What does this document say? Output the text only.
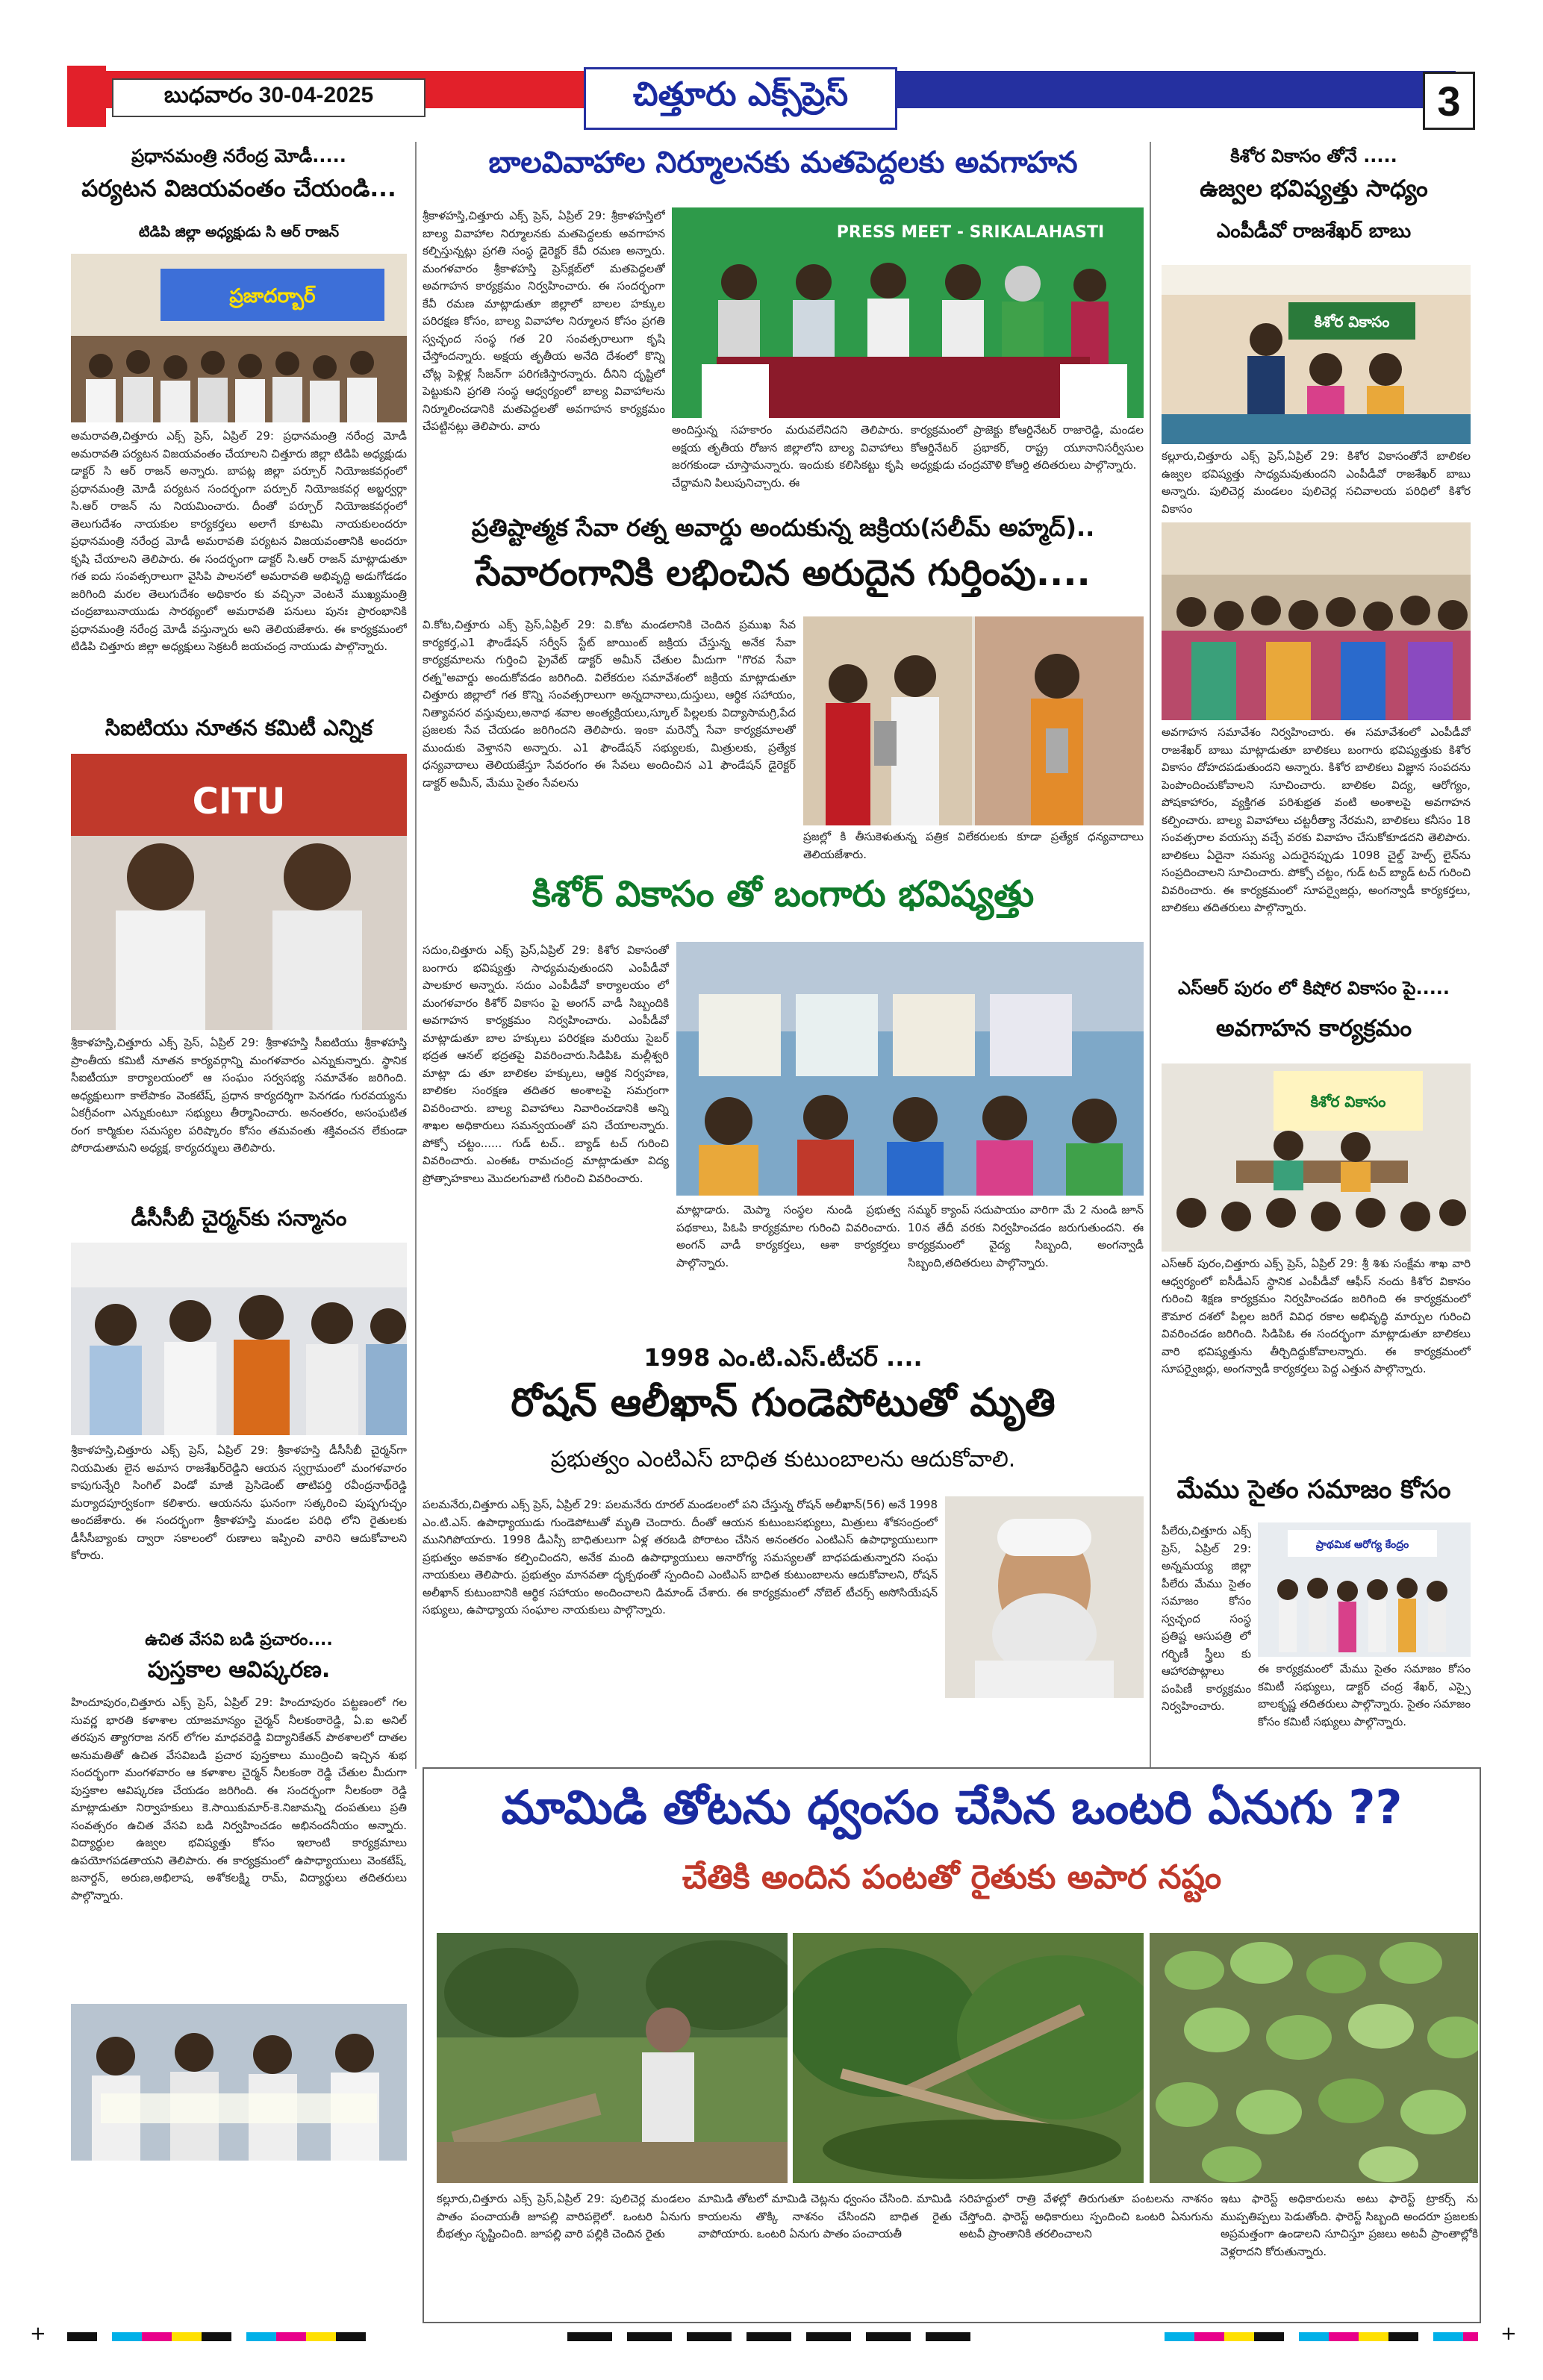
బుధవారం 30-04-2025	చిత్తూరు ఎక్స్‌ప్రెస్	3
ప్రధానమంత్రి నరేంద్ర మోడీ.....
పర్యటన విజయవంతం చేయండి...
టిడిపి జిల్లా అధ్యక్షుడు సి ఆర్ రాజన్
ప్రజాదర్బార్
అమరావతి,చిత్తూరు ఎక్స్ ప్రెస్, ఏప్రిల్ 29: ప్రధానమంత్రి నరేంద్ర మోడీ అమరావతి పర్యటన విజయవంతం చేయాలని చిత్తూరు జిల్లా టిడిపి అధ్యక్షుడు డాక్టర్ సి ఆర్ రాజన్ అన్నారు. బాపట్ల జిల్లా పర్చూర్ నియోజకవర్గంలో ప్రధానమంత్రి మోడీ పర్యటన సందర్భంగా పర్చూర్ నియోజకవర్గ అబ్జర్వర్గా సి.ఆర్ రాజన్ ను నియమించారు. దీంతో పర్చూర్ నియోజకవర్గంలో తెలుగుదేశం నాయకుల కార్యకర్తలు అలాగే కూటమి నాయకులందరూ ప్రధానమంత్రి నరేంద్ర మోడీ అమరావతి పర్యటన విజయవంతానికి అందరూ కృషి చేయాలని తెలిపారు. ఈ సందర్భంగా డాక్టర్ సి.ఆర్ రాజన్ మాట్లాడుతూ గత ఐదు సంవత్సరాలుగా వైసిపి పాలనలో అమరావతి అభివృద్ధి అడుగోడడం జరిగింది మరల తెలుగుదేశం అధికారం కు వచ్చినా వెంటనే ముఖ్యమంత్రి చంద్రబాబునాయుడు సారథ్యంలో అమరావతి పనులు పునః ప్రారంభానికి ప్రధానమంత్రి నరేంద్ర మోడీ వస్తున్నారు అని తెలియజేశారు. ఈ కార్యక్రమంలో టిడిపి చిత్తూరు జిల్లా అధ్యక్షులు సెక్రటరీ జయచంద్ర నాయుడు పాల్గొన్నారు.
సిఐటియు నూతన కమిటీ ఎన్నిక
CITU
శ్రీకాళహస్తి,చిత్తూరు ఎక్స్ ప్రెస్, ఏప్రిల్ 29: శ్రీకాళహస్తి సీఐటియు శ్రీకాళహస్తి ప్రాంతీయ కమిటీ నూతన కార్యవర్గాన్ని మంగళవారం ఎన్నుకున్నారు. స్థానిక సీఐటీయూ కార్యాలయంలో ఆ సంఘం సర్వసభ్య సమావేశం జరిగింది. అధ్యక్షులుగా కాలేపాకం వెంకటేష్, ప్రధాన కార్యదర్శిగా పెనగడం గురవయ్యను ఏకగ్రీవంగా ఎన్నుకుంటూ సభ్యులు తీర్మానించారు. అనంతరం, అసంఘటిత రంగ కార్మికుల సమస్యల పరిష్కారం కోసం తమవంతు శక్తివంచన లేకుండా పోరాడుతామని అధ్యక్ష, కార్యదర్శులు తెలిపారు.
డీసీసీబీ చైర్మన్‌కు సన్మానం
శ్రీకాళహస్తి,చిత్తూరు ఎక్స్ ప్రెస్, ఏప్రిల్ 29: శ్రీకాళహస్తి డీసీసీబీ చైర్మన్‌గా నియమితు లైన అమాస రాజశేఖర్‌రెడ్డిని ఆయన స్వగ్రామంలో మంగళవారం కాపుగున్నేరి సింగిల్ విండో మాజీ ప్రెసిడెంట్ తాటిపర్తి రవీంద్రనాథ్‌రెడ్డి మర్యాదపూర్వకంగా కలిశారు. ఆయనను ఘనంగా సత్కరించి పుష్పగుచ్ఛం అందజేశారు. ఈ సందర్భంగా శ్రీకాళహస్తి మండల పరిధి లోని రైతులకు డీసీసీబ్యాంకు ద్వారా సకాలంలో రుణాలు ఇప్పించి వారిని ఆదుకోవాలని కోరారు.
ఉచిత వేసవి బడి ప్రచారం....
పుస్తకాల ఆవిష్కరణ.
హిందూపురం,చిత్తూరు ఎక్స్ ప్రెస్, ఏప్రిల్ 29: హిందూపురం పట్టణంలో గల సువర్ణ భారతి కళాశాల యాజమాన్యం చైర్మన్ నీలకంఠారెడ్డి, ఏ.ఐ అనిల్ తరపున త్యాగరాజ నగర్ లోగల మాధవరెడ్డి విద్యానికేతన్ పాఠశాలలో దాతల అనుమతితో ఉచిత వేసవిబడి ప్రచార పుస్తకాలు ముంద్రించి ఇచ్చిన శుభ సందర్భంగా మంగళవారం ఆ కళాశాల చైర్మన్ నీలకంఠా రెడ్డి చేతుల మీదుగా పుస్తకాల ఆవిష్కరణ చేయడం జరిగింది. ఈ సందర్భంగా నీలకంఠా రెడ్డి మాట్లాడుతూ నిర్వాహకులు కె.సాయికుమార్-కె.నిజామన్ని దంపతులు ప్రతి సంవత్సరం ఉచిత వేసవి బడి నిర్వహించడం అభినందనీయం అన్నారు. విద్యార్థుల ఉజ్వల భవిష్యత్తు కోసం ఇలాంటి కార్యక్రమాలు ఉపయోగపడతాయని తెలిపారు. ఈ కార్యక్రమంలో ఉపాధ్యాయులు వెంకటేష్, జనార్దన్, అరుణ,అభిలాష, అశోకలక్ష్మి రామ్, విద్యార్థులు తదితరులు పాల్గొన్నారు.
బాలవివాహాల నిర్మూలనకు మతపెద్దలకు అవగాహన
శ్రీకాళహస్తి,చిత్తూరు ఎక్స్ ప్రెస్, ఏప్రిల్ 29: శ్రీకాళహస్తిలో బాల్య వివాహాల నిర్మూలనకు మతపెద్దలకు అవగాహన కల్పిస్తున్నట్లు ప్రగతి సంస్థ డైరెక్టర్ కేవీ రమణ అన్నారు. మంగళవారం శ్రీకాళహస్తి ప్రెస్‌క్లబ్‌లో మతపెద్దలతో అవగాహన కార్యక్రమం నిర్వహించారు. ఈ సందర్భంగా కేవీ రమణ మాట్లాడుతూ జిల్లాలో బాలల హక్కుల పరిరక్షణ కోసం, బాల్య వివాహాల నిర్మూలన కోసం ప్రగతి స్వచ్ఛంద సంస్థ గత 20 సంవత్సరాలుగా కృషి చేస్తోందన్నారు. అక్షయ తృతీయ అనేది దేశంలో కొన్ని చోట్ల పెళ్లిళ్ల సీజన్‌గా పరిగణిస్తారన్నారు. దీనిని దృష్టిలో పెట్టుకుని ప్రగతి సంస్థ ఆధ్వర్యంలో బాల్య వివాహాలను నిర్మూలించడానికి మతపెద్దలతో అవగాహన కార్యక్రమం చేపట్టినట్లు తెలిపారు. వారు
PRESS MEET - SRIKALAHASTI
అందిస్తున్న సహకారం మరువలేనిదని తెలిపారు. అక్షయ తృతీయ రోజున జిల్లాలోని బాల్య వివాహాలు జరగకుండా చూస్తామన్నారు. ఇందుకు కలిసికట్టు కృషి చేద్దామని పిలుపునిచ్చారు. ఈ
కార్యక్రమంలో ప్రాజెక్టు కోఆర్డినేటర్ రాజారెడ్డి, మండల కోఆర్డినేటర్ ప్రభాకర్, రాష్ట్ర యూనానిసర్వీసుల అధ్యక్షుడు చంద్రమౌళి కోఆర్డి తదితరులు పాల్గొన్నారు.
ప్రతిష్టాత్మక సేవా రత్న అవార్డు అందుకున్న జక్రియ(సలీమ్ అహ్మద్)..
సేవారంగానికి లభించిన అరుదైన గుర్తింపు....
వి.కోట,చిత్తూరు ఎక్స్ ప్రెస్,ఏప్రిల్ 29: వి.కోట మండలానికి చెందిన ప్రముఖ సేవ కార్యకర్త,ఎ1 ఫౌండేషన్ సర్వీస్ స్టేట్ జాయింట్ జక్రియ చేస్తున్న అనేక సేవా కార్యక్రమాలను గుర్తించి ప్రైవేట్ డాక్టర్ అమీన్ చేతుల మీదుగా "గొరవ సేవా రత్న"అవార్డు అందుకోవడం జరిగింది. విలేకరుల సమావేశంలో జక్రియ మాట్లాడుతూ చిత్తూరు జిల్లాలో గత కొన్ని సంవత్సరాలుగా అన్నదానాలు,దుస్తులు, ఆర్థిక సహాయం, నిత్యావసర వస్తువులు,అనాథ శవాల అంత్యక్రియలు,స్కూల్ పిల్లలకు విద్యాసామగ్రి,పేద ప్రజలకు సేవ చేయడం జరిగిందని తెలిపారు. ఇంకా మరెన్నో సేవా కార్యక్రమాలతో ముందుకు వెళ్తానని అన్నారు. ఎ1 ఫౌండేషన్ సభ్యులకు, మిత్రులకు, ప్రత్యేక ధన్యవాదాలు తెలియజేస్తూ సేవరంగం ఈ సేవలు అందించిన ఎ1 ఫౌండేషన్ డైరెక్టర్ డాక్టర్ అమీన్, మేము సైతం సేవలను
ప్రజల్లో కి తీసుకెళుతున్న పత్రిక విలేకరులకు కూడా ప్రత్యేక ధన్యవాదాలు తెలియజేశారు.
కిశోర్ వికాసం తో బంగారు భవిష్యత్తు
సదుం,చిత్తూరు ఎక్స్ ప్రెస్,ఏప్రిల్ 29: కిశోర వికాసంతో బంగారు భవిష్యత్తు సాధ్యమవుతుందని ఎంపీడీవో పాలకూర అన్నారు. సదుం ఎంపీడీవో కార్యాలయం లో మంగళవారం కిశోర్ వికాసం పై అంగన్ వాడీ సిబ్బందికి అవగాహన కార్యక్రమం నిర్వహించారు. ఎంపీడీవో మాట్లాడుతూ బాల హక్కులు పరిరక్షణ మరియు సైబర్ భద్రత ఆనల్ భద్రతపై వివరించారు.సిడిపిఓ మల్లీశ్వరి మాట్లా డు తూ బాలికల హక్కులు, ఆర్థిక నిర్వహణ, బాలికల సంరక్షణ తదితర అంశాలపై సమగ్రంగా వివరించారు. బాల్య వివాహాలు నివారించడానికి అన్ని శాఖల అధికారులు సమన్వయంతో పని చేయాలన్నారు. పోక్సో చట్టం...... గుడ్ టచ్.. బ్యాడ్ టచ్ గురించి వివరించారు. ఎంఈఓ రామచంద్ర మాట్లాడుతూ విద్య ప్రోత్సాహకాలు మొదలగువాటి గురించి వివరించారు.
మాట్లాడారు. మెప్మా సంస్థల నుండి ప్రభుత్వ పథకాలు, పిఓపి కార్యక్రమాల గురించి వివరించారు. అంగన్ వాడీ కార్యకర్తలు, ఆశా కార్యకర్తలు పాల్గొన్నారు.
సమ్మర్ క్యాంప్ సదుపాయం వారిగా మే 2 నుండి జూన్ 10న తేదీ వరకు నిర్వహించడం జరుగుతుందని. ఈ కార్యక్రమంలో వైద్య సిబ్బంది, అంగన్వాడీ సిబ్బంది,తదితరులు పాల్గొన్నారు.
1998 ఎం.టి.ఎస్.టీచర్ ....
రోషన్ ఆలీఖాన్ గుండెపోటుతో మృతి
ప్రభుత్వం ఎంటిఎస్ బాధిత కుటుంబాలను ఆదుకోవాలి.
పలమనేరు,చిత్తూరు ఎక్స్ ప్రెస్, ఏప్రిల్ 29: పలమనేరు రూరల్ మండలంలో పని చేస్తున్న రోషన్ అలీఖాన్(56) అనే 1998 ఎం.టి.ఎస్. ఉపాధ్యాయుడు గుండెపోటుతో మృతి చెందారు. దీంతో ఆయన కుటుంబసభ్యులు, మిత్రులు శోకసంద్రంలో మునిగిపోయారు. 1998 డీఎస్సీ బాధితులుగా ఏళ్ల తరబడి పోరాటం చేసిన అనంతరం ఎంటిఎస్ ఉపాధ్యాయులుగా ప్రభుత్వం అవకాశం కల్పించిందని, అనేక మంది ఉపాధ్యాయులు అనారోగ్య సమస్యలతో బాధపడుతున్నారని సంఘ నాయకులు తెలిపారు. ప్రభుత్వం మానవతా దృక్పథంతో స్పందించి ఎంటిఎస్ బాధిత కుటుంబాలను ఆదుకోవాలని, రోషన్ అలీఖాన్ కుటుంబానికి ఆర్థిక సహాయం అందించాలని డిమాండ్ చేశారు. ఈ కార్యక్రమంలో నోబెల్ టీచర్స్ అసోసియేషన్ సభ్యులు, ఉపాధ్యాయ సంఘాల నాయకులు పాల్గొన్నారు.
కిశోర వికాసం తోనే .....
ఉజ్వల భవిష్యత్తు సాధ్యం
ఎంపీడీవో రాజశేఖర్ బాబు
కిశోర వికాసం
కల్లూరు,చిత్తూరు ఎక్స్ ప్రెస్,ఏప్రిల్ 29: కిశోర వికాసంతోనే బాలికల ఉజ్వల భవిష్యత్తు సాధ్యమవుతుందని ఎంపీడీవో రాజశేఖర్ బాబు అన్నారు. పులిచెర్ల మండలం పులిచెర్ల సచివాలయ పరిధిలో కిశోర వికాసం
అవగాహన సమావేశం నిర్వహించారు. ఈ సమావేశంలో ఎంపీడీవో రాజశేఖర్ బాబు మాట్లాడుతూ బాలికలు బంగారు భవిష్యత్తుకు కిశోర వికాసం దోహదపడుతుందని అన్నారు. కిశోర బాలికలు విజ్ఞాన సంపదను పెంపొందించుకోవాలని సూచించారు. బాలికల విద్య, ఆరోగ్యం, పోషకాహారం, వ్యక్తిగత పరిశుభ్రత వంటి అంశాలపై అవగాహన కల్పించారు. బాల్య వివాహాలు చట్టరీత్యా నేరమని, బాలికలు కనీసం 18 సంవత్సరాల వయస్సు వచ్చే వరకు వివాహం చేసుకోకూడదని తెలిపారు. బాలికలు ఏదైనా సమస్య ఎదురైనప్పుడు 1098 చైల్డ్ హెల్ప్ లైన్‌ను సంప్రదించాలని సూచించారు. పోక్సో చట్టం, గుడ్ టచ్ బ్యాడ్ టచ్ గురించి వివరించారు. ఈ కార్యక్రమంలో సూపర్వైజర్లు, అంగన్వాడీ కార్యకర్తలు, బాలికలు తదితరులు పాల్గొన్నారు.
ఎస్ఆర్ పురం లో కిషోర వికాసం పై.....
అవగాహన కార్యక్రమం
కిశోర వికాసం
ఎస్ఆర్ పురం,చిత్తూరు ఎక్స్ ప్రెస్, ఏప్రిల్ 29: శ్రీ శిశు సంక్షేమ శాఖ వారి ఆధ్వర్యంలో ఐసీడీఎస్ స్థానిక ఎంపీడీవో ఆఫీస్ నందు కిశోర వికాసం గురించి శిక్షణ కార్యక్రమం నిర్వహించడం జరిగింది ఈ కార్యక్రమంలో కౌమార దశలో పిల్లల జరిగే వివిధ రకాల అభివృద్ధి మార్పుల గురించి వివరించడం జరిగింది. సిడిపిఓ ఈ సందర్భంగా మాట్లాడుతూ బాలికలు వారి భవిష్యత్తును తీర్చిదిద్దుకోవాలన్నారు. ఈ కార్యక్రమంలో సూపర్వైజర్లు, అంగన్వాడీ కార్యకర్తలు పెద్ద ఎత్తున పాల్గొన్నారు.
మేము సైతం సమాజం కోసం
పీలేరు,చిత్తూరు ఎక్స్ ప్రెస్, ఏప్రిల్ 29: అన్నమయ్య జిల్లా పీలేరు మేము సైతం సమాజం కోసం స్వచ్ఛంద సంస్థ ప్రతిష్ట ఆసుపత్రి లో గర్భిణీ స్త్రీలు కు ఆహారపొట్లాలు పంపిణీ కార్యక్రమం నిర్వహించారు.
ప్రాథమిక ఆరోగ్య కేంద్రం
ఈ కార్యక్రమంలో మేము సైతం సమాజం కోసం కమిటీ సభ్యులు, డాక్టర్ చంద్ర శేఖర్, ఎస్సై బాలకృష్ణ తదితరులు పాల్గొన్నారు. సైతం సమాజం కోసం కమిటీ సభ్యులు పాల్గొన్నారు.
మామిడి తోటను ధ్వంసం చేసిన ఒంటరి ఏనుగు ??
చేతికి అందిన పంటతో రైతుకు అపార నష్టం
కల్లూరు,చిత్తూరు ఎక్స్ ప్రెస్,ఏప్రిల్ 29: పులిచెర్ల మండలం పాతం పంచాయతీ జూపల్లి వారిపల్లెలో. ఒంటరి ఏనుగు బీభత్సం సృష్టించింది. జూపల్లి వారి పల్లికి చెందిన రైతు
మామిడి తోటలో మామిడి చెట్లను ధ్వంసం చేసింది. మామిడి కాయలను తొక్కి నాశనం చేసిందని బాధిత రైతు వాపోయారు. ఒంటరి ఏనుగు పాతం పంచాయతీ
సరిహద్దులో రాత్రి వేళల్లో తిరుగుతూ పంటలను నాశనం చేస్తోంది. ఫారెస్ట్ అధికారులు స్పందించి ఒంటరి ఏనుగును అటవీ ప్రాంతానికి తరలించాలని
ఇటు ఫారెస్ట్ అధికారులను అటు ఫారెస్ట్ ట్రాకర్స్ ను ముప్పతిప్పలు పెడుతోంది. ఫారెస్ట్ సిబ్బంది అందరూ ప్రజలకు అప్రమత్తంగా ఉండాలని సూచిస్తూ ప్రజలు అటవీ ప్రాంతాల్లోకి వెళ్లరాదని కోరుతున్నారు.
+	+
